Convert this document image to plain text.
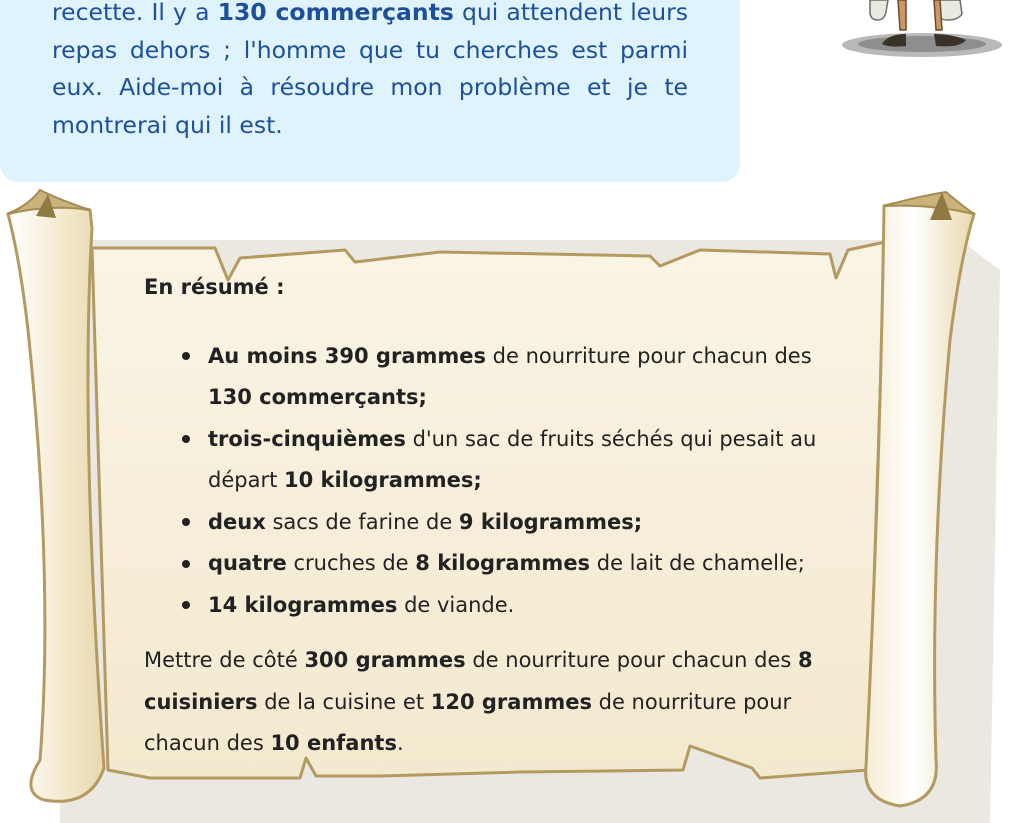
recette. Il y a 130 commerçants qui attendent leurs repas dehors ; l'homme que tu cherches est parmi eux. Aide-moi à résoudre mon problème et je te montrerai qui il est.

En résumé :

Au moins 390 grammes de nourriture pour chacun des 130 commerçants;
trois-cinquièmes d'un sac de fruits séchés qui pesait au départ 10 kilogrammes;
deux sacs de farine de 9 kilogrammes;
quatre cruches de 8 kilogrammes de lait de chamelle;
14 kilogrammes de viande.

Mettre de côté 300 grammes de nourriture pour chacun des 8 cuisiniers de la cuisine et 120 grammes de nourriture pour chacun des 10 enfants.
